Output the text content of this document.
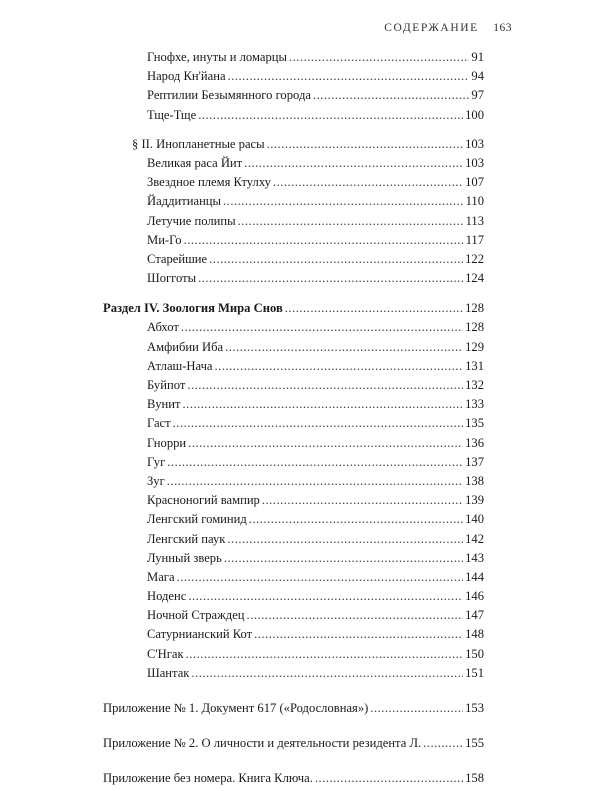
СОДЕРЖАНИЕ 163
Гнофхе, инуты и ломарцы .....	91
Народ Кн'йана .....	94
Рептилии Безымянного города .....	97
Тще-Тще .....	100
§ II. Инопланетные расы .....	103
Великая раса Йит .....	103
Звездное племя Ктулху .....	107
Йаддитианцы .....	110
Летучие полипы .....	113
Ми-Го .....	117
Старейшие .....	122
Шогготы .....	124
Раздел IV. Зоология Мира Снов .....	128
Абхот .....	128
Амфибии Иба .....	129
Атлаш-Нача .....	131
Буйпот .....	132
Вунит .....	133
Гаст .....	135
Гнорри .....	136
Гуг .....	137
Зуг .....	138
Красноногий вампир .....	139
Ленгский гоминид .....	140
Ленгский паук .....	142
Лунный зверь .....	143
Мага .....	144
Ноденс .....	146
Ночной Страждец .....	147
Сатурнианский Кот .....	148
С'Нгак .....	150
Шантак .....	151
Приложение № 1. Документ 617 («Родословная») .....	153
Приложение № 2. О личности и деятельности резидента Л. .....	155
Приложение без номера. Книга Ключа. .....	158
